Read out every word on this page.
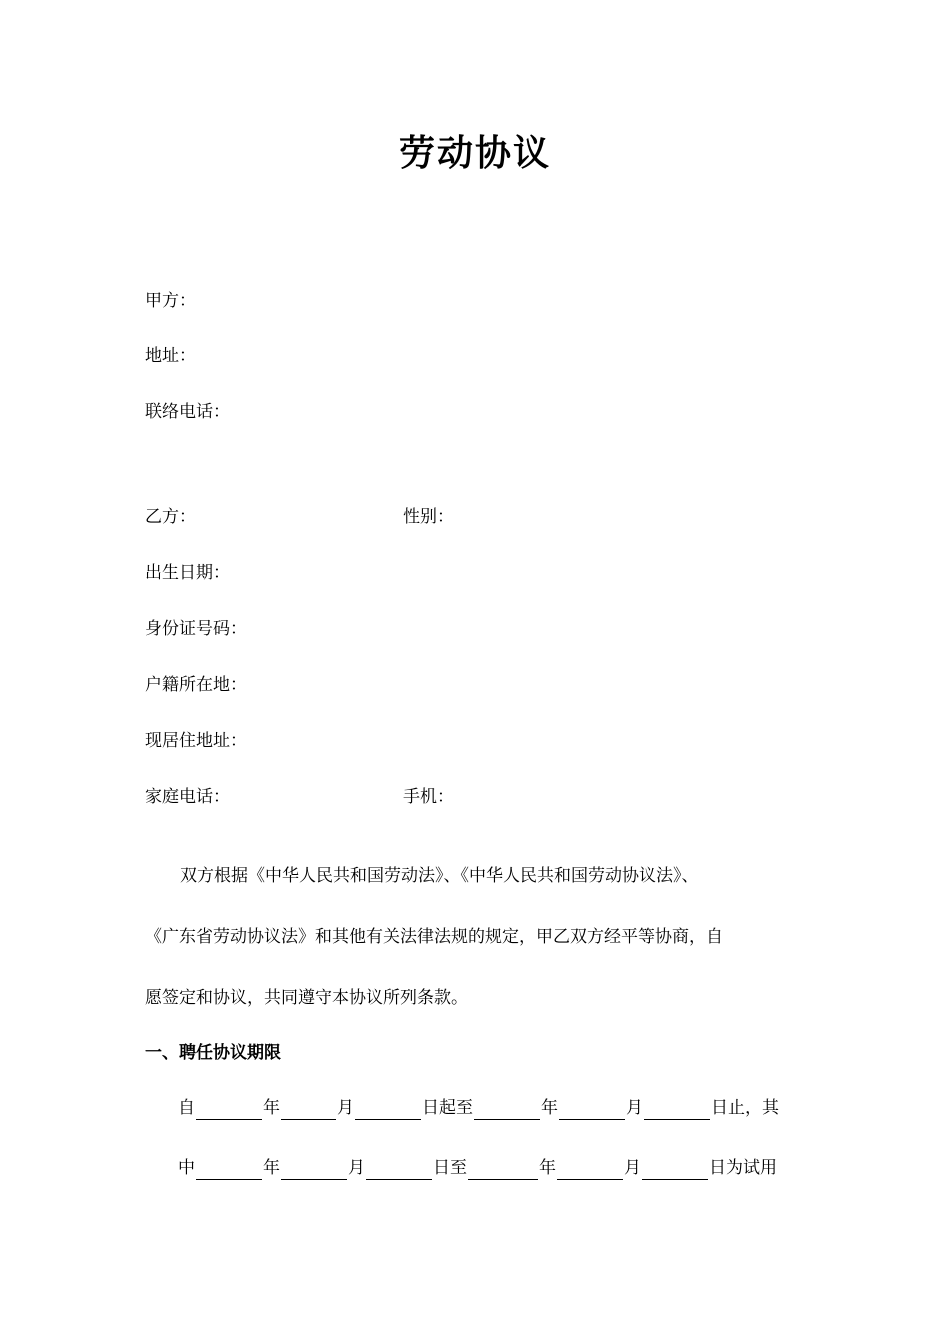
劳动协议
甲方：
地址：
联络电话：
乙方：	性别：
出生日期：
身份证号码：
户籍所在地：
现居住地址：
家庭电话：	手机：
双方根据《中华人民共和国劳动法》、《中华人民共和国劳动协议法》、
《广东省劳动协议法》和其他有关法律法规的规定，甲乙双方经平等协商，自
愿签定和协议，共同遵守本协议所列条款。
一、聘任协议期限
自	年	月	日起至	年	月	日止，其
中	年	月	日至	年	月	日为试用
